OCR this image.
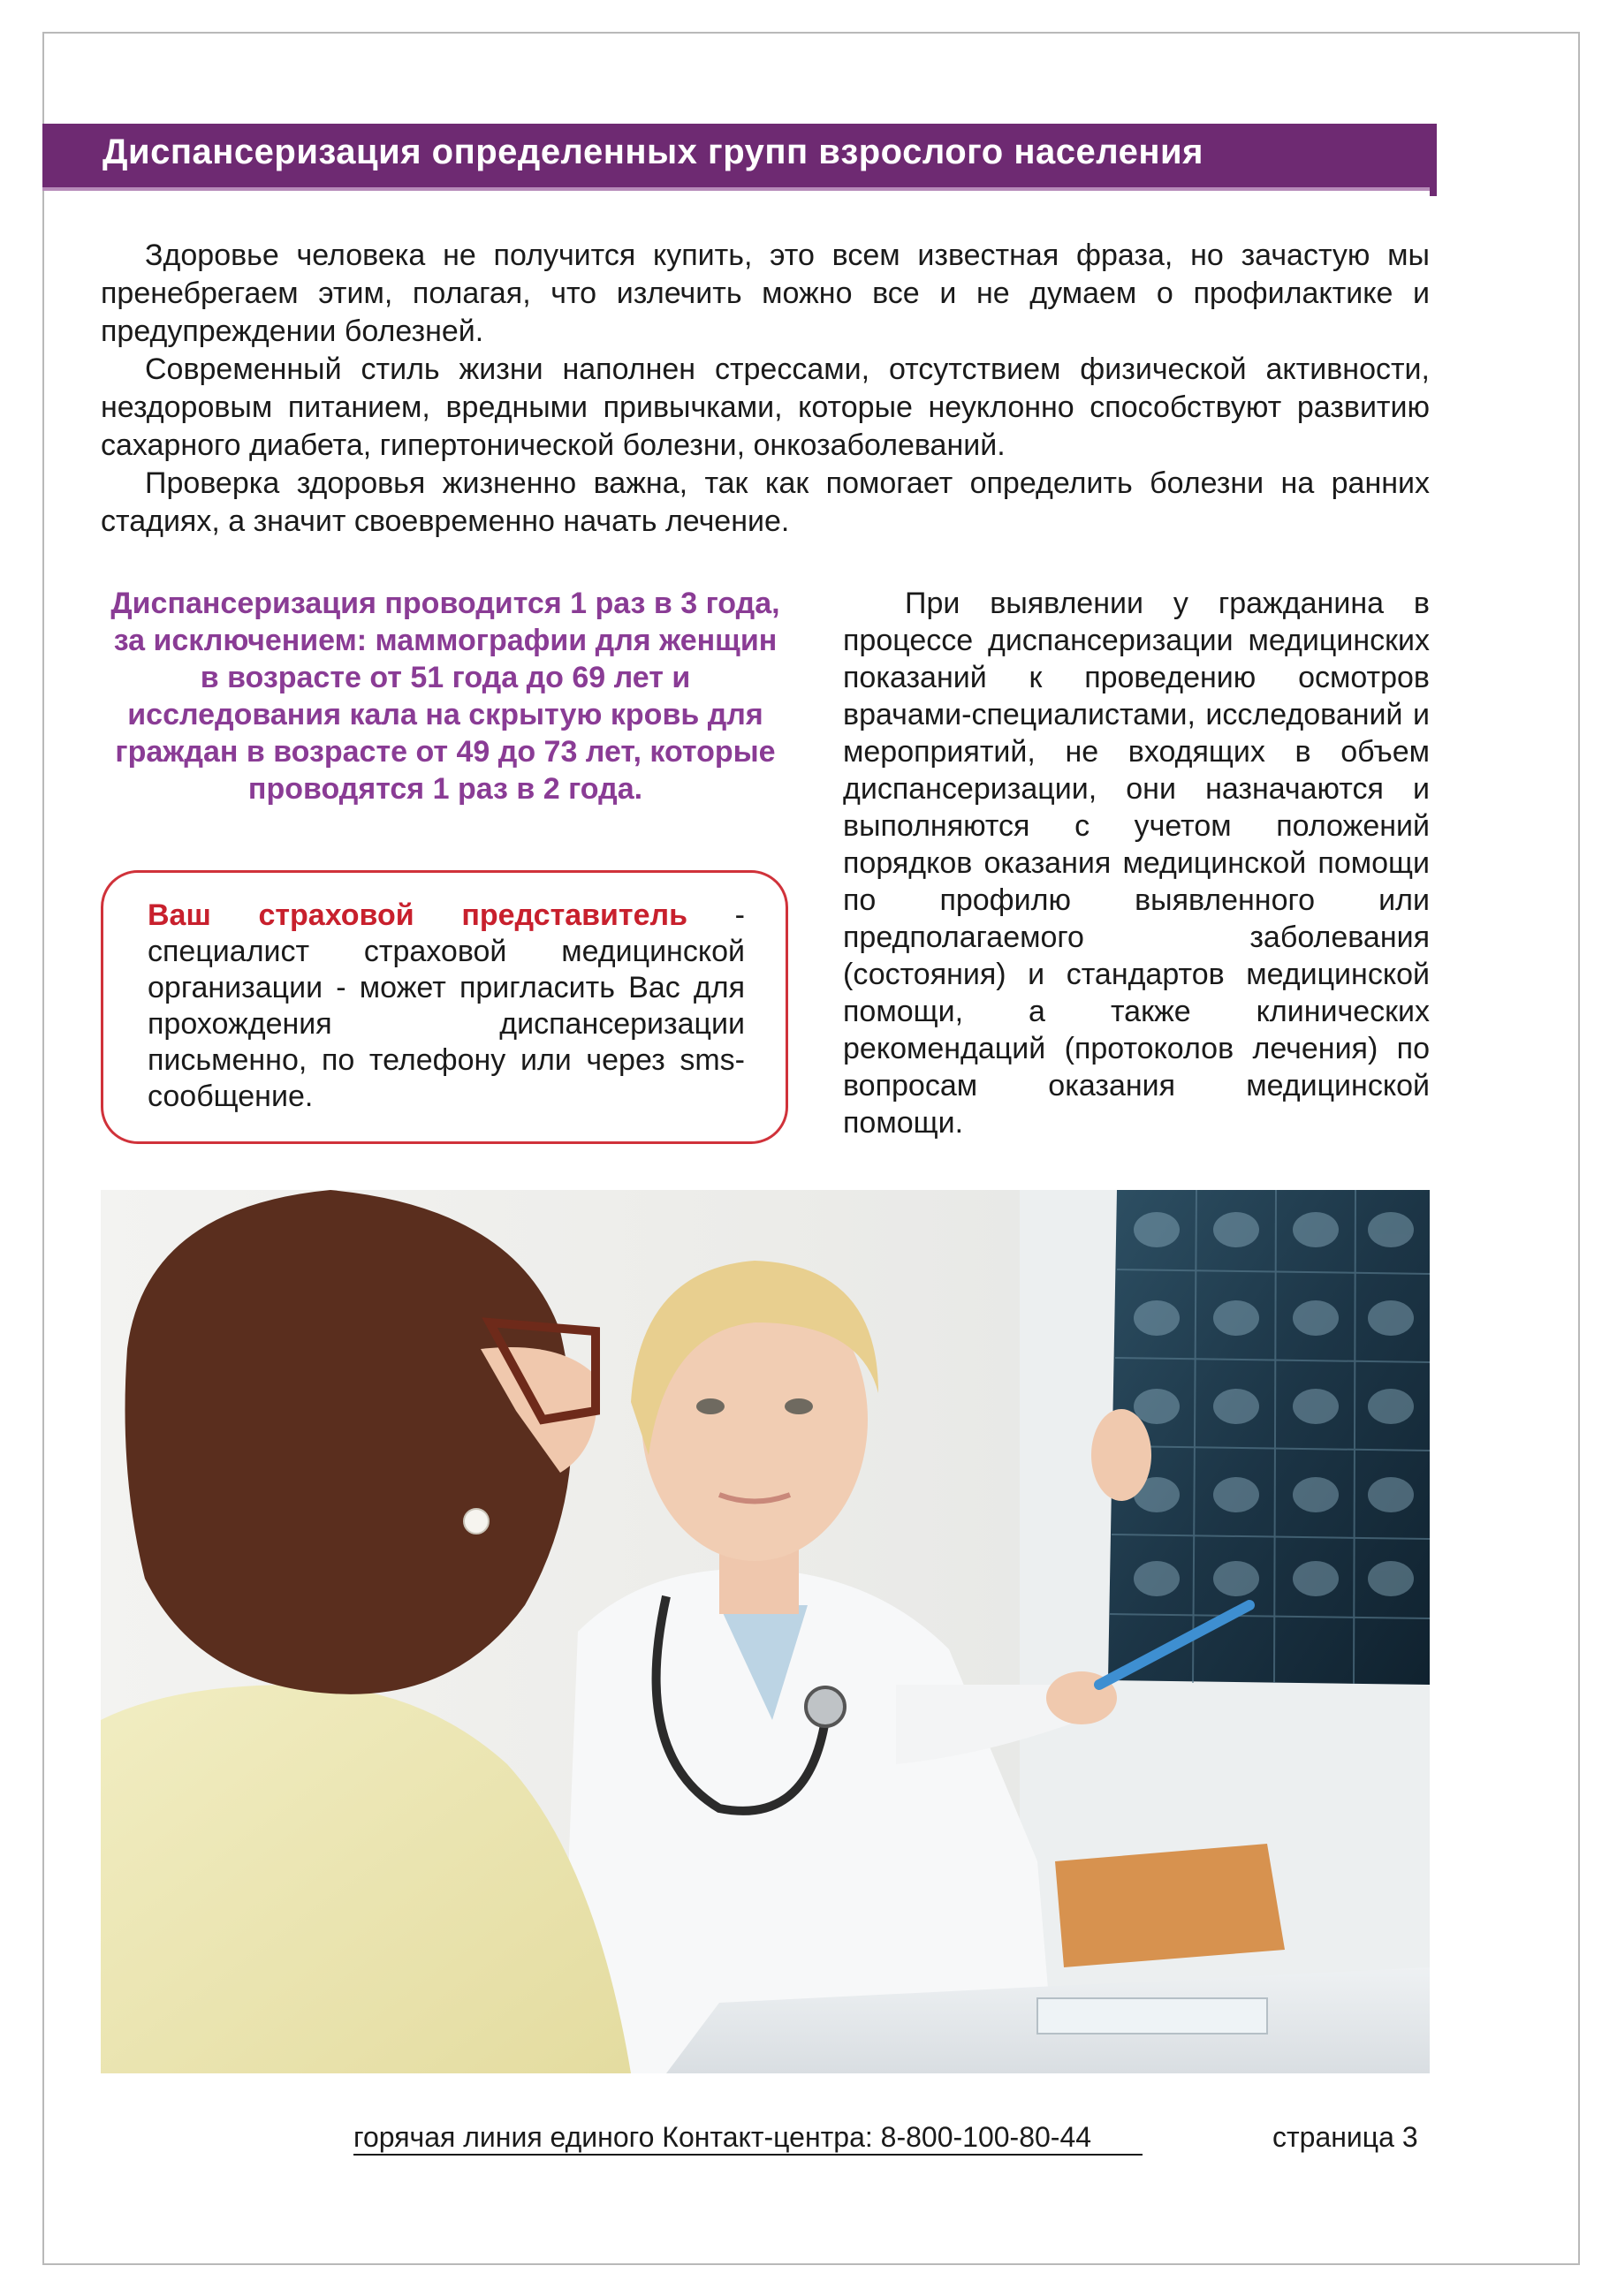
Диспансеризация определенных групп взрослого населения

Здоровье человека не получится купить, это всем известная фраза, но зачастую мы пренебрегаем этим, полагая, что излечить можно все и не думаем о профилактике и предупреждении болезней.

Современный стиль жизни наполнен стрессами, отсутствием физической активности, нездоровым питанием, вредными привычками, которые неуклонно способствуют развитию сахарного диабета, гипертонической болезни, онкозаболеваний.

Проверка здоровья жизненно важна, так как помогает определить болезни на ранних стадиях, а значит своевременно начать лечение.

Диспансеризация проводится 1 раз в 3 года, за исключением: маммографии для женщин в возрасте от 51 года до 69 лет и исследования кала на скрытую кровь для граждан в возрасте от 49 до 73 лет, которые проводятся 1 раз в 2 года.
Ваш страховой представитель - специалист страховой медицинской организации - может пригласить Вас для прохождения диспансеризации письменно, по телефону или через sms-сообщение.

При выявлении у гражданина в процессе диспансеризации медицинских показаний к проведению осмотров врачами-специалистами, исследований и мероприятий, не входящих в объем диспансеризации, они назначаются и выполняются с учетом положений порядков оказания медицинской помощи по профилю выявленного или предполагаемого заболевания (состояния) и стандартов медицинской помощи, а также клинических рекомендаций (протоколов лечения) по вопросам оказания медицинской помощи.

горячая линия единого Контакт-центра: 8-800-100-80-44	страница 3
